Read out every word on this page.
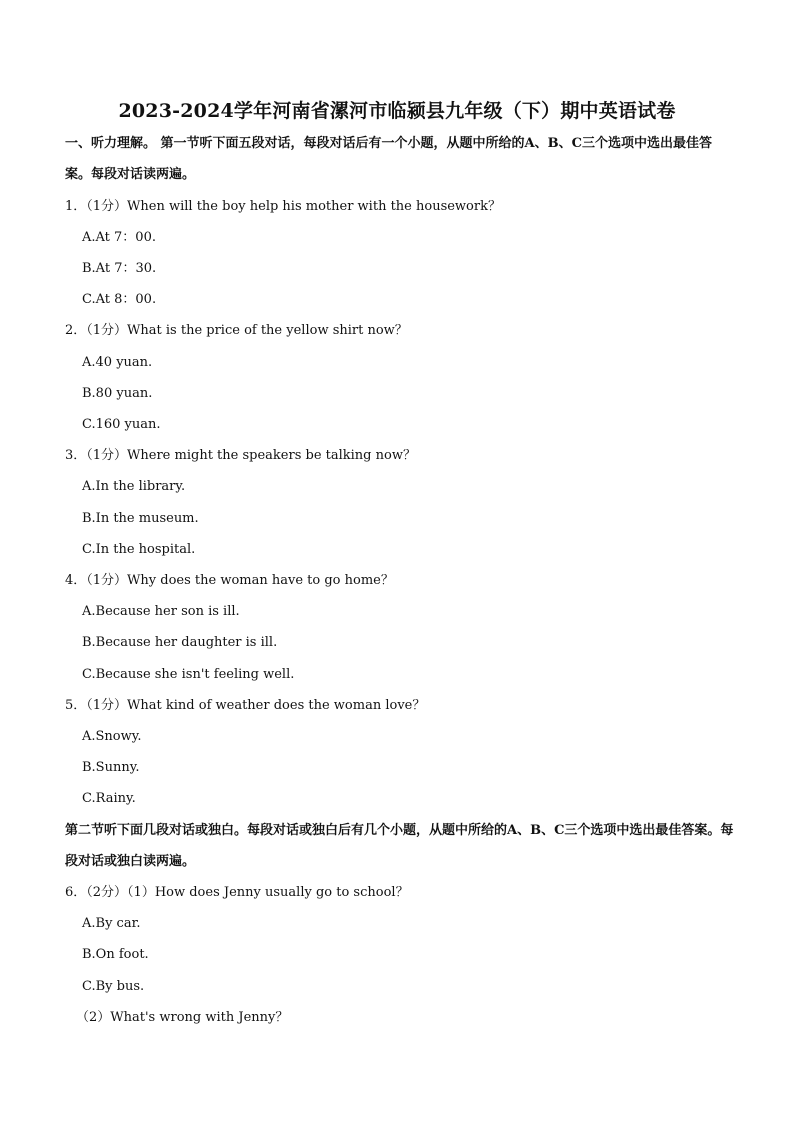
2023-2024学年河南省漯河市临颍县九年级（下）期中英语试卷
一、听力理解。 第一节听下面五段对话，每段对话后有一个小题，从题中所给的A、B、C三个选项中选出最佳答案。每段对话读两遍。
1．（1分）When will the boy help his mother with the housework？
A.At 7：00.
B.At 7：30.
C.At 8：00.
2．（1分）What is the price of the yellow shirt now？
A.40 yuan.
B.80 yuan.
C.160 yuan.
3．（1分）Where might the speakers be talking now？
A.In the library.
B.In the museum.
C.In the hospital.
4．（1分）Why does the woman have to go home？
A.Because her son is ill.
B.Because her daughter is ill.
C.Because she isn't feeling well.
5．（1分）What kind of weather does the woman love？
A.Snowy.
B.Sunny.
C.Rainy.
第二节听下面几段对话或独白。每段对话或独白后有几个小题，从题中所给的A、B、C三个选项中选出最佳答案。每段对话或独白读两遍。
6．（2分）（1）How does Jenny usually go to school？
A.By car.
B.On foot.
C.By bus.
（2）What's wrong with Jenny？
